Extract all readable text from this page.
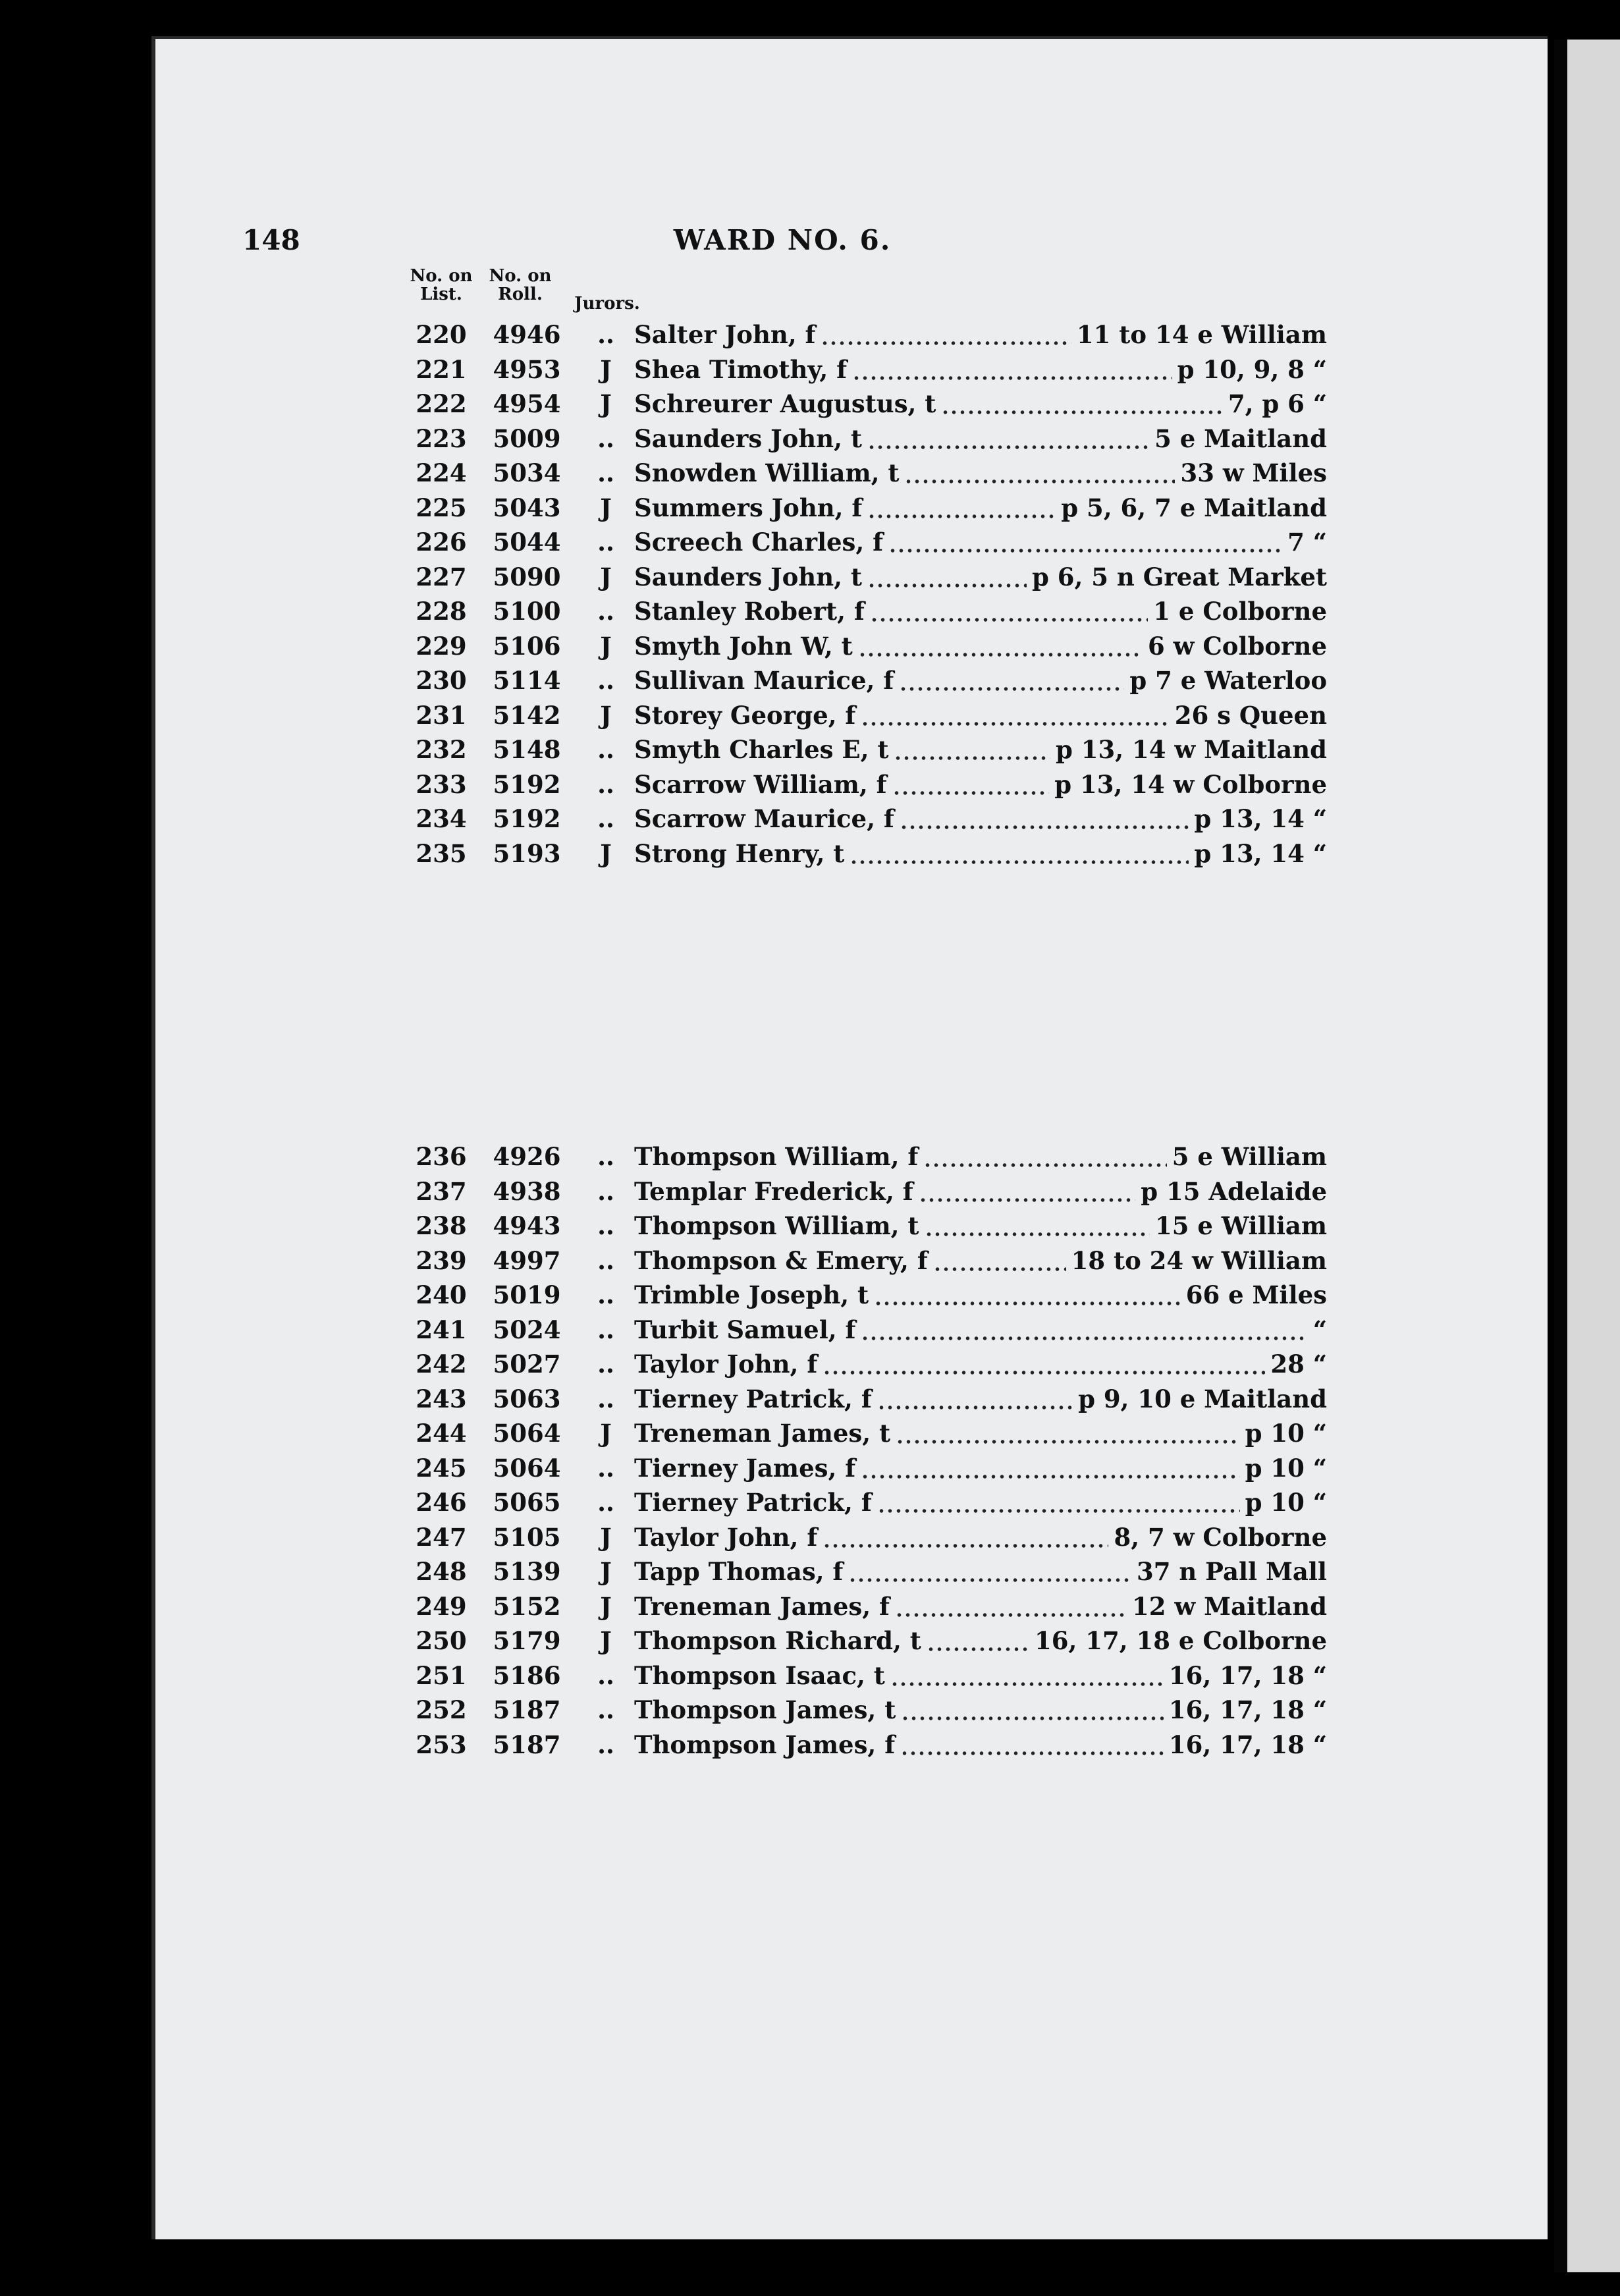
148	WARD NO. 6.
No. on List.
No. on Roll.	Jurors.
220	4946	.. Salter John, f	11 to 14 e William
221	4953	J Shea Timothy, f	p 10, 9, 8 “
222	4954	J Schreurer Augustus, t	7, p 6 “
223	5009	.. Saunders John, t	5 e Maitland
224	5034	.. Snowden William, t	33 w Miles
225	5043	J Summers John, f	p 5, 6, 7 e Maitland
226	5044	.. Screech Charles, f	7 “
227	5090	J Saunders John, t	p 6, 5 n Great Market
228	5100	.. Stanley Robert, f	1 e Colborne
229	5106	J Smyth John W, t	6 w Colborne
230	5114	.. Sullivan Maurice, f	p 7 e Waterloo
231	5142	J Storey George, f	26 s Queen
232	5148	.. Smyth Charles E, t	p 13, 14 w Maitland
233	5192	.. Scarrow William, f	p 13, 14 w Colborne
234	5192	.. Scarrow Maurice, f	p 13, 14 “
235	5193	J Strong Henry, t	p 13, 14 “
236	4926	.. Thompson William, f	5 e William
237	4938	.. Templar Frederick, f	p 15 Adelaide
238	4943	.. Thompson William, t	15 e William
239	4997	.. Thompson & Emery, f	18 to 24 w William
240	5019	.. Trimble Joseph, t	66 e Miles
241	5024	.. Turbit Samuel, f	“
242	5027	.. Taylor John, f	28 “
243	5063	.. Tierney Patrick, f	p 9, 10 e Maitland
244	5064	J Treneman James, t	p 10 “
245	5064	.. Tierney James, f	p 10 “
246	5065	.. Tierney Patrick, f	p 10 “
247	5105	J Taylor John, f	8, 7 w Colborne
248	5139	J Tapp Thomas, f	37 n Pall Mall
249	5152	J Treneman James, f	12 w Maitland
250	5179	J Thompson Richard, t	16, 17, 18 e Colborne
251	5186	.. Thompson Isaac, t	16, 17, 18 “
252	5187	.. Thompson James, t	16, 17, 18 “
253	5187	.. Thompson James, f	16, 17, 18 “
